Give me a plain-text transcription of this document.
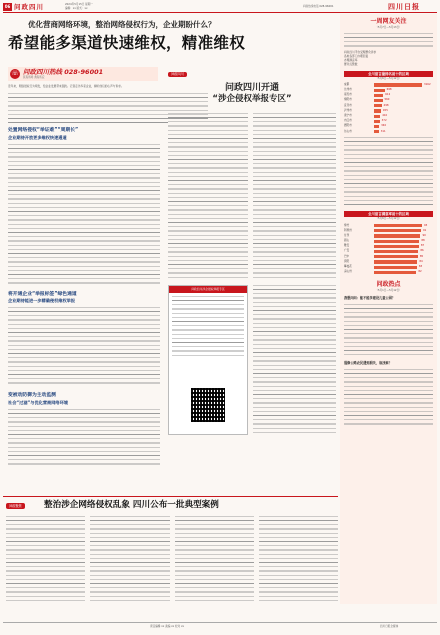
06 问政四川	2024年5月15日 星期一
编辑：xx 版式：xx
问政热线电话 028-96001	四川日报
优化营商网络环境，整治网络侵权行为，企业期盼什么？
希望能多渠道快速维权，精准维权
☏ 问政四川热线 028-96001
民有所呼 我有所应
近年来，网络侵权行为频发，给企业发展带来困扰。记者走访多家企业，倾听他们的心声与诉求。
处置网络侵权“举证难”“周期长”
企业期待开放更多维权快速通道
将开通企业“举报标签”绿色通道
企业期待能进一步精确侵权维权举报
变被动防御为主动监测
社会“过滤”与优化营商网络环境
问政四川
问政四川开通
“涉企侵权举报专区”
问政四川涉企侵权举报专区
一周网友关注
（5月7日—5月13日）
问政四川平台受理群众诉求
各地各部门办理回复
办理满意率
群众点赞数
全川留言量排名前十的区域
（5月6日—5月12日）
成都	3162
达州市	698
南充市	612
绵阳市	560
宜宾市	498
泸州市	455
遂宁市	410
内江市	372
德阳市	340
乐山市	311
全川留言满意率前十的区域
（5月6日—5月12日）
绵竹	93
阿坝州	91
甘孜	90
眉山	88
雅安	87
广安	86
巴中	85
资阳	84
攀枝花	83
凉山州	82
问政热点
（5月1日—5月12日）
我想问问：能不能多建设儿童公园？
混修公路农民遇到损失，该找谁？
问政聚焦	整治涉企网络侵权乱象 四川公布一批典型案例
责任编辑 xx 美编 xx 校对 xx	四川日报全媒体
